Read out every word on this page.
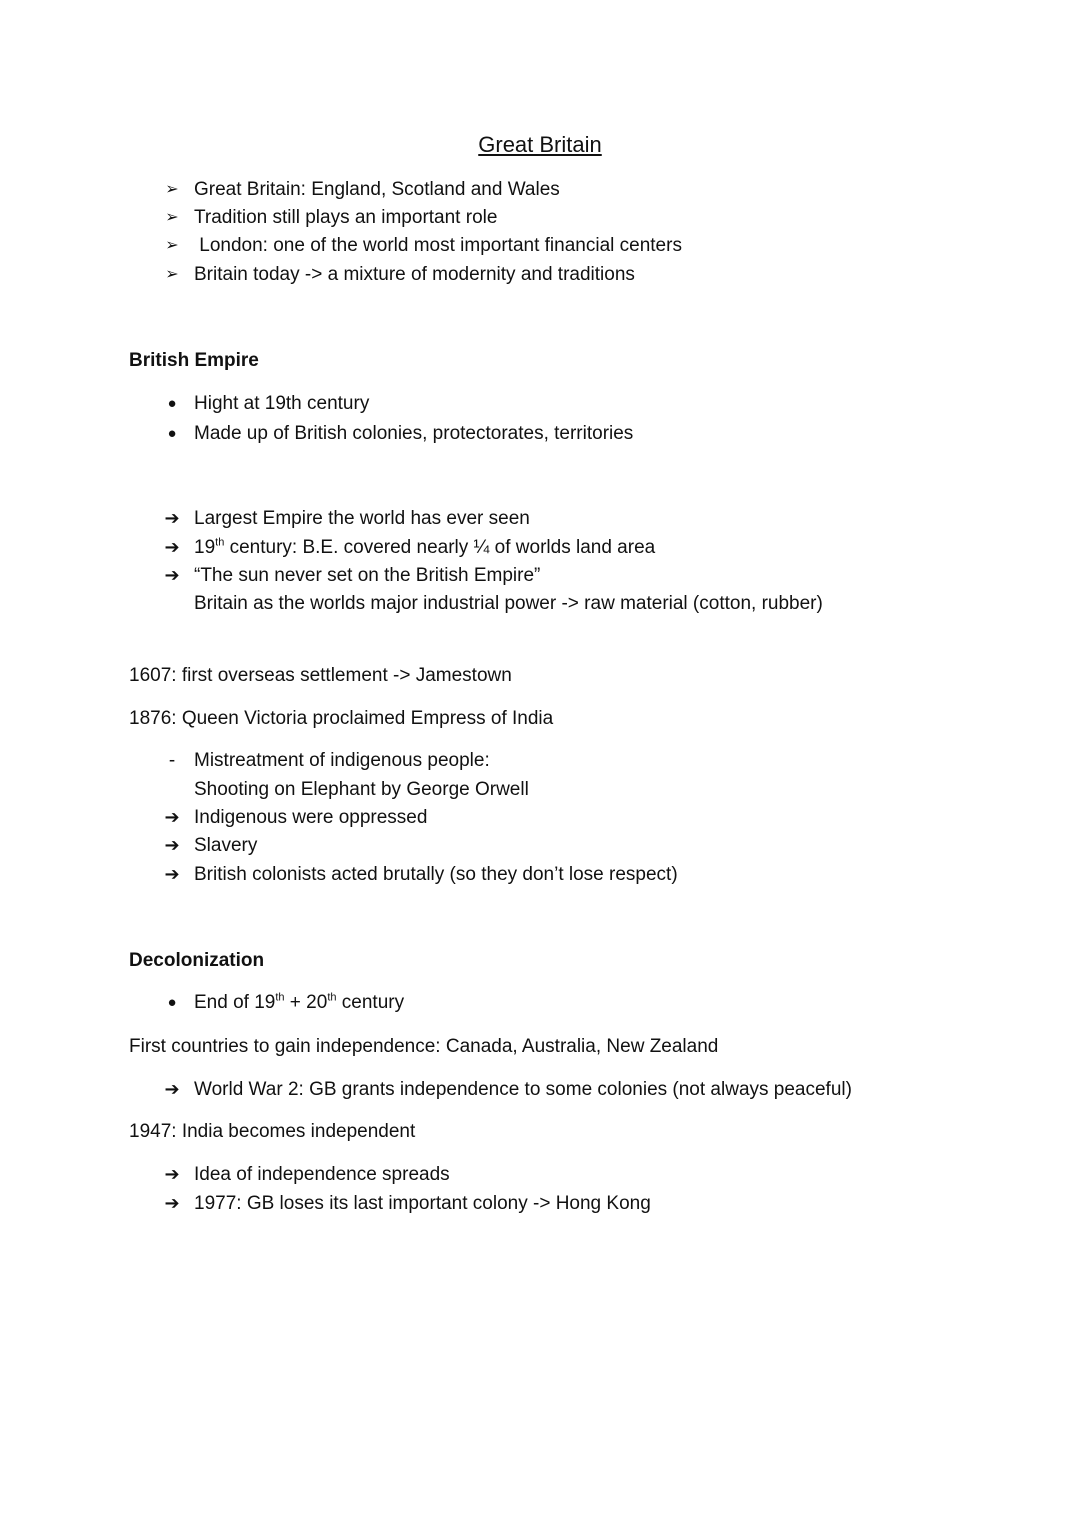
Great Britain
➢ Great Britain: England, Scotland and Wales
➢ Tradition still plays an important role
➢ London: one of the world most important financial centers
➢ Britain today -> a mixture of modernity and traditions
British Empire
● Hight at 19th century
● Made up of British colonies, protectorates, territories
➔ Largest Empire the world has ever seen
➔ 19th century: B.E. covered nearly ¼ of worlds land area
➔ “The sun never set on the British Empire”
Britain as the worlds major industrial power -> raw material (cotton, rubber)
1607: first overseas settlement -> Jamestown
1876: Queen Victoria proclaimed Empress of India
- Mistreatment of indigenous people:
Shooting on Elephant by George Orwell
➔ Indigenous were oppressed
➔ Slavery
➔ British colonists acted brutally (so they don’t lose respect)
Decolonization
● End of 19th + 20th century
First countries to gain independence: Canada, Australia, New Zealand
➔ World War 2: GB grants independence to some colonies (not always peaceful)
1947: India becomes independent
➔ Idea of independence spreads
➔ 1977: GB loses its last important colony -> Hong Kong
